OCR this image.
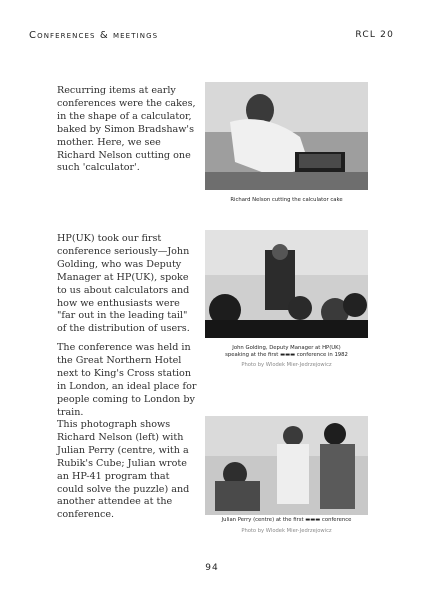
Conferences & meetings	RCL 20
Recurring items at early conferences were the cakes, in the shape of a calculator, baked by Simon Bradshaw's mother. Here, we see Richard Nelson cutting one such 'calculator'.
Richard Nelson cutting the calculator cake
HP(UK) took our first conference seriously—John Golding, who was Deputy Manager at HP(UK), spoke to us about calculators and how we enthusiasts were "far out in the leading tail" of the distribution of users.
John Golding, Deputy Manager at HP(UK)
speaking at the first ▬▬▬ conference in 1982
Photo by Wlodek Mier-Jedrzejowicz
The conference was held in the Great Northern Hotel next to King's Cross station in London, an ideal place for people coming to London by train.
This photograph shows Richard Nelson (left) with Julian Perry (centre, with a Rubik's Cube; Julian wrote an HP-41 program that could solve the puzzle) and another attendee at the conference.	Julian Perry (centre) at the first ▬▬▬ conference
Photo by Wlodek Mier-Jedrzejowicz
94
